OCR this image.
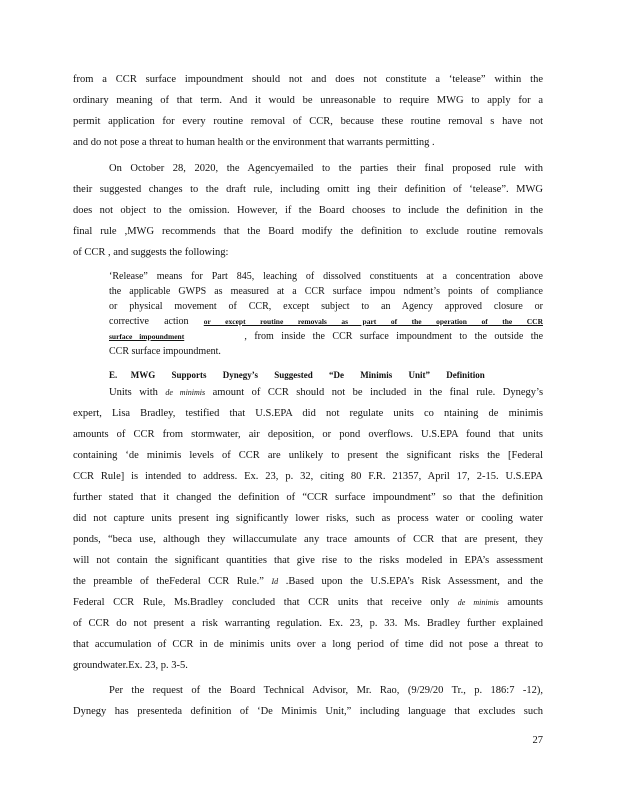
from a CCR surface impoundment should not and does not constitute a ‘telease” within the
ordinary meaning of that term. And it would be unreasonable to require MWG to apply for a
permit application for every routine removal of CCR, because these routine removal s have not
and do not pose a threat to human health or the environment that warrants permitting .
On October 28, 2020, the Agencyemailed to the parties their final proposed rule with
their suggested changes to the draft rule, including omitt ing their definition of ‘telease”. MWG
does not object to the omission. However, if the Board chooses to include the definition in the
final rule ,MWG recommends that the Board modify the definition to exclude routine removals
of CCR , and suggests the following:
‘Release” means for Part 845, leaching of dissolved constituents at a concentration above
the applicable GWPS as measured at a CCR surface impou ndment’s points of compliance
or physical movement of CCR, except subject to an Agency approved closure or
corrective action or except routine removals as part of the operation of the CCR
surface impoundment	, from inside the CCR surface impoundment to the outside the
CCR surface impoundment.
E. MWG Supports Dynegy’s Suggested “De Minimis Unit” Definition
Units with de minimis amount of CCR should not be included in the final rule. Dynegy’s
expert, Lisa Bradley, testified that U.S.EPA did not regulate units co ntaining de minimis
amounts of CCR from stormwater, air deposition, or pond overflows. U.S.EPA found that units
containing ‘de minimis levels of CCR are unlikely to present the significant risks the [Federal
CCR Rule] is intended to address. Ex. 23, p. 32, citing 80 F.R. 21357, April 17, 2-15. U.S.EPA
further stated that it changed the definition of “CCR surface impoundment” so that the definition
did not capture units present ing significantly lower risks, such as process water or cooling water
ponds, “beca use, although they willaccumulate any trace amounts of CCR that are present, they
will not contain the significant quantities that give rise to the risks modeled in EPA’s assessment
the preamble of theFederal CCR Rule.” Id .Based upon the U.S.EPA’s Risk Assessment, and the
Federal CCR Rule, Ms.Bradley concluded that CCR units that receive only de minimis amounts
of CCR do not present a risk warranting regulation. Ex. 23, p. 33. Ms. Bradley further explained
that accumulation of CCR in de minimis units over a long period of time did not pose a threat to
groundwater.Ex. 23, p. 3-5.
Per the request of the Board Technical Advisor, Mr. Rao, (9/29/20 Tr., p. 186:7 -12),
Dynegy has presenteda definition of ‘De Minimis Unit,” including language that excludes such
27
